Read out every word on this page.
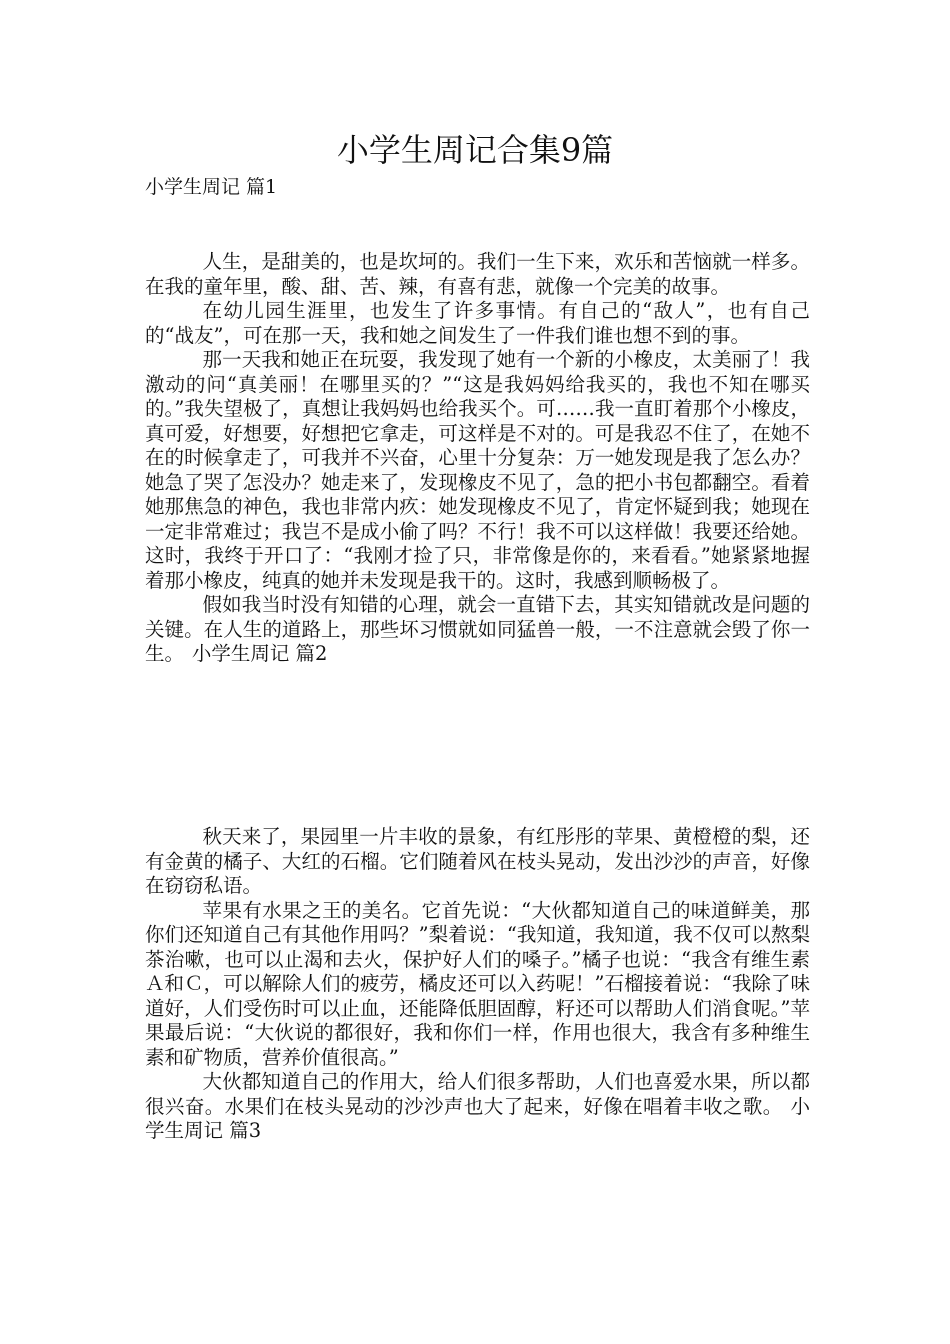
小学生周记合集9篇

小学生周记 篇1

人生，是甜美的，也是坎坷的。我们一生下来，欢乐和苦恼就一样多。在我的童年里，酸、甜、苦、辣，有喜有悲，就像一个完美的故事。

在幼儿园生涯里，也发生了许多事情。有自己的“敌人”，也有自己的“战友”，可在那一天，我和她之间发生了一件我们谁也想不到的事。

那一天我和她正在玩耍，我发现了她有一个新的小橡皮，太美丽了！我激动的问“真美丽！在哪里买的？”“这是我妈妈给我买的，我也不知在哪买的。”我失望极了，真想让我妈妈也给我买个。可……我一直盯着那个小橡皮，真可爱，好想要，好想把它拿走，可这样是不对的。可是我忍不住了，在她不在的时候拿走了，可我并不兴奋，心里十分复杂：万一她发现是我了怎么办？她急了哭了怎没办？她走来了，发现橡皮不见了，急的把小书包都翻空。看着她那焦急的神色，我也非常内疚：她发现橡皮不见了，肯定怀疑到我；她现在一定非常难过；我岂不是成小偷了吗？不行！我不可以这样做！我要还给她。这时，我终于开口了：“我刚才捡了只，非常像是你的，来看看。”她紧紧地握着那小橡皮，纯真的她并未发现是我干的。这时，我感到顺畅极了。

假如我当时没有知错的心理，就会一直错下去，其实知错就改是问题的关键。在人生的道路上，那些坏习惯就如同猛兽一般，一不注意就会毁了你一生。 小学生周记 篇2

秋天来了，果园里一片丰收的景象，有红彤彤的苹果、黄橙橙的梨，还有金黄的橘子、大红的石榴。它们随着风在枝头晃动，发出沙沙的声音，好像在窃窃私语。

苹果有水果之王的美名。它首先说：“大伙都知道自己的味道鲜美，那你们还知道自己有其他作用吗？”梨着说：“我知道，我知道，我不仅可以熬梨茶治嗽，也可以止渴和去火，保护好人们的嗓子。”橘子也说：“我含有维生素Ａ和Ｃ，可以解除人们的疲劳，橘皮还可以入药呢！”石榴接着说：“我除了味道好，人们受伤时可以止血，还能降低胆固醇，籽还可以帮助人们消食呢。”苹果最后说：“大伙说的都很好，我和你们一样，作用也很大，我含有多种维生素和矿物质，营养价值很高。”

大伙都知道自己的作用大，给人们很多帮助，人们也喜爱水果，所以都很兴奋。水果们在枝头晃动的沙沙声也大了起来，好像在唱着丰收之歌。 小学生周记 篇3
